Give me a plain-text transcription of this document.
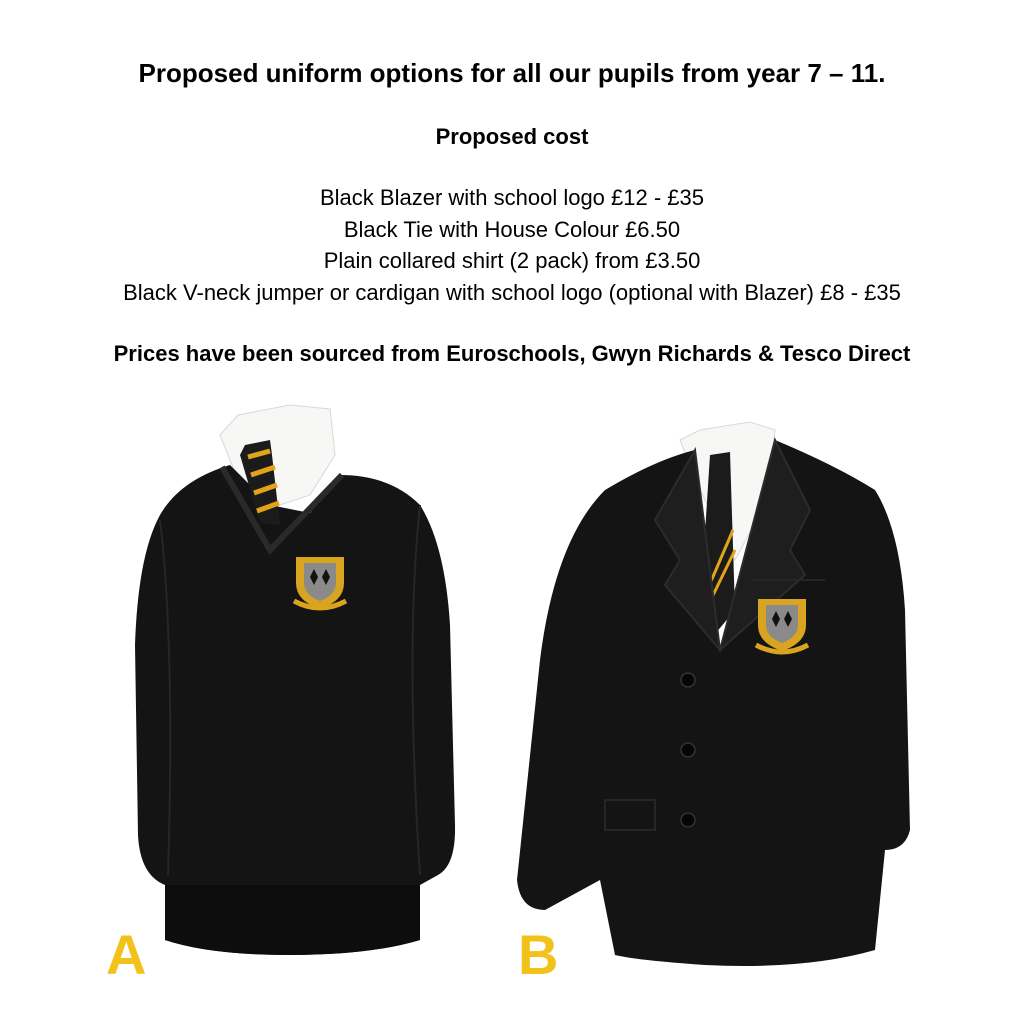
Proposed uniform options for all our pupils from year 7 – 11.
Proposed cost
Black Blazer with school logo £12 - £35
Black Tie with House Colour £6.50
Plain collared shirt (2 pack) from £3.50
Black V-neck jumper or cardigan with school logo (optional with Blazer) £8 - £35
Prices have been sourced from Euroschools, Gwyn Richards & Tesco Direct
A	B
